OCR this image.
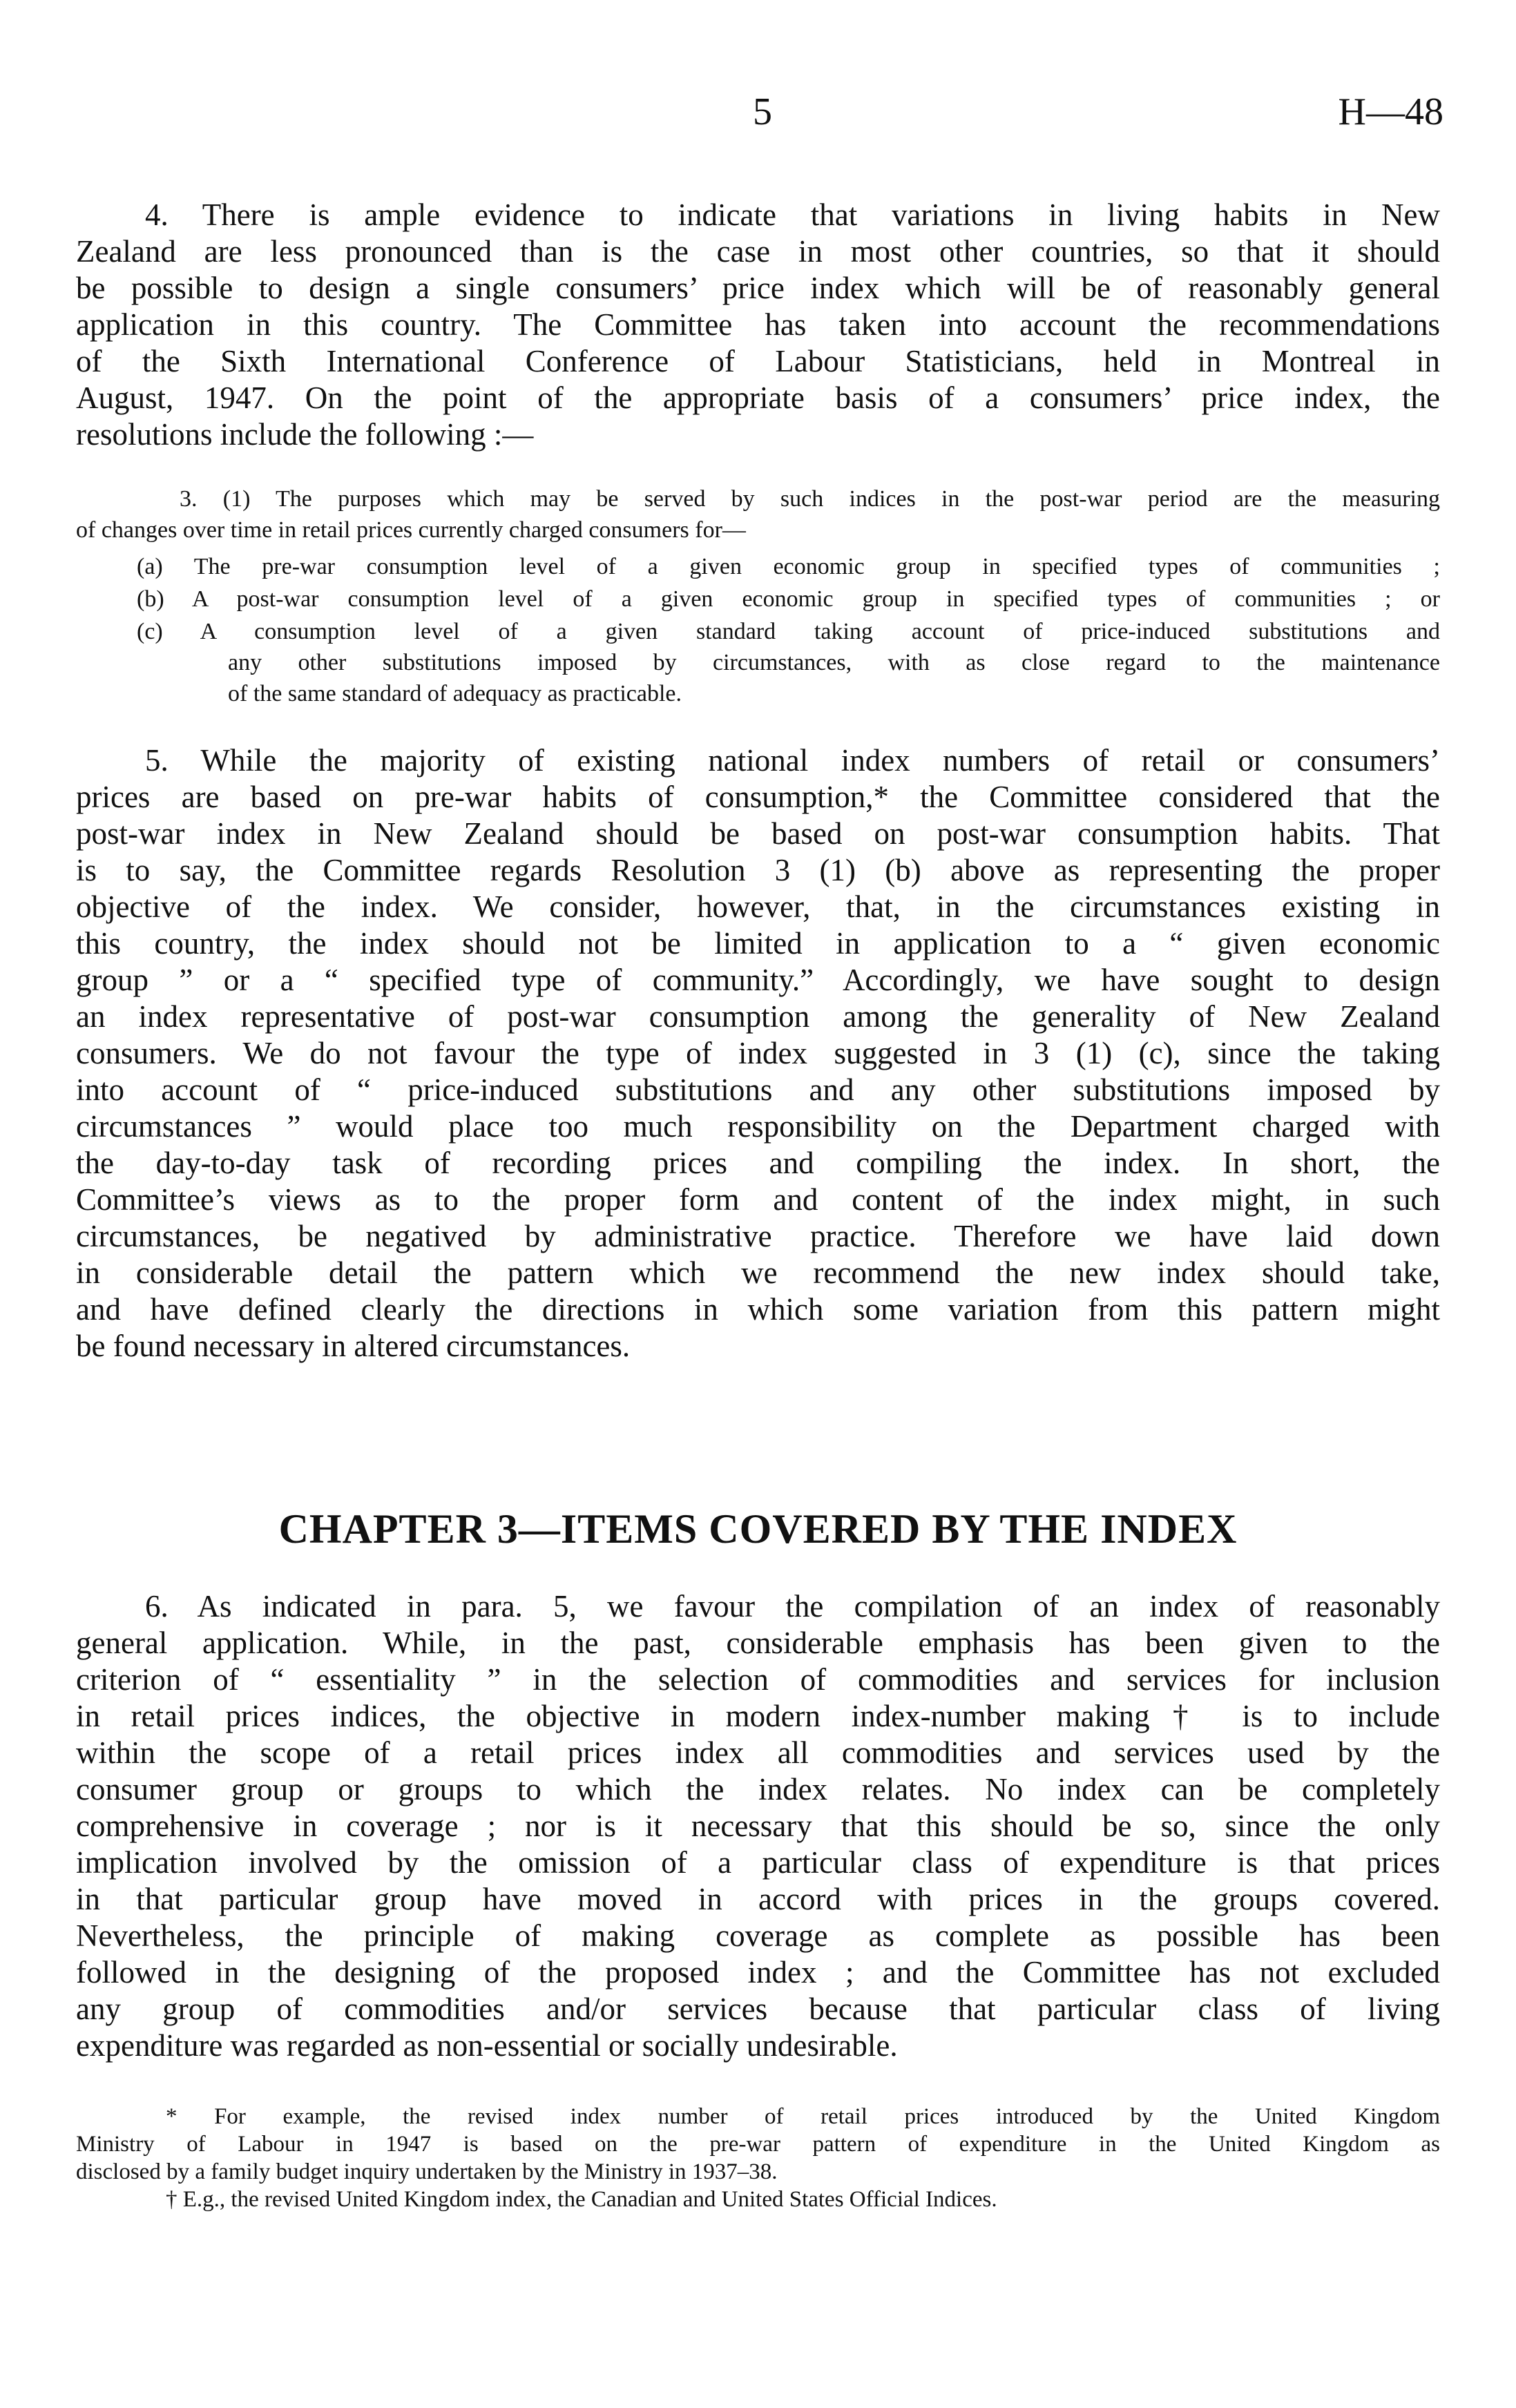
5	H—48
4. There is ample evidence to indicate that variations in living habits in New
Zealand are less pronounced than is the case in most other countries, so that it should
be possible to design a single consumers’ price index which will be of reasonably general
application in this country. The Committee has taken into account the recommendations
of the Sixth International Conference of Labour Statisticians, held in Montreal in
August, 1947. On the point of the appropriate basis of a consumers’ price index, the
resolutions include the following :—
3. (1) The purposes which may be served by such indices in the post-war period are the measuring
of changes over time in retail prices currently charged consumers for—
(a) The pre-war consumption level of a given economic group in specified types of communities ;
(b) A post-war consumption level of a given economic group in specified types of communities ; or
(c) A consumption level of a given standard taking account of price-induced substitutions and
any other substitutions imposed by circumstances, with as close regard to the maintenance
of the same standard of adequacy as practicable.
5. While the majority of existing national index numbers of retail or consumers’
prices are based on pre-war habits of consumption,* the Committee considered that the
post-war index in New Zealand should be based on post-war consumption habits. That
is to say, the Committee regards Resolution 3 (1) (b) above as representing the proper
objective of the index. We consider, however, that, in the circumstances existing in
this country, the index should not be limited in application to a “ given economic
group ” or a “ specified type of community.” Accordingly, we have sought to design
an index representative of post-war consumption among the generality of New Zealand
consumers. We do not favour the type of index suggested in 3 (1) (c), since the taking
into account of “ price-induced substitutions and any other substitutions imposed by
circumstances ” would place too much responsibility on the Department charged with
the day-to-day task of recording prices and compiling the index. In short, the
Committee’s views as to the proper form and content of the index might, in such
circumstances, be negatived by administrative practice. Therefore we have laid down
in considerable detail the pattern which we recommend the new index should take,
and have defined clearly the directions in which some variation from this pattern might
be found necessary in altered circumstances.
CHAPTER 3—ITEMS COVERED BY THE INDEX
6. As indicated in para. 5, we favour the compilation of an index of reasonably
general application. While, in the past, considerable emphasis has been given to the
criterion of “ essentiality ” in the selection of commodities and services for inclusion
in retail prices indices, the objective in modern index-number making† is to include
within the scope of a retail prices index all commodities and services used by the
consumer group or groups to which the index relates. No index can be completely
comprehensive in coverage ; nor is it necessary that this should be so, since the only
implication involved by the omission of a particular class of expenditure is that prices
in that particular group have moved in accord with prices in the groups covered.
Nevertheless, the principle of making coverage as complete as possible has been
followed in the designing of the proposed index ; and the Committee has not excluded
any group of commodities and/or services because that particular class of living
expenditure was regarded as non-essential or socially undesirable.
* For example, the revised index number of retail prices introduced by the United Kingdom
Ministry of Labour in 1947 is based on the pre-war pattern of expenditure in the United Kingdom as
disclosed by a family budget inquiry undertaken by the Ministry in 1937–38.
† E.g., the revised United Kingdom index, the Canadian and United States Official Indices.
